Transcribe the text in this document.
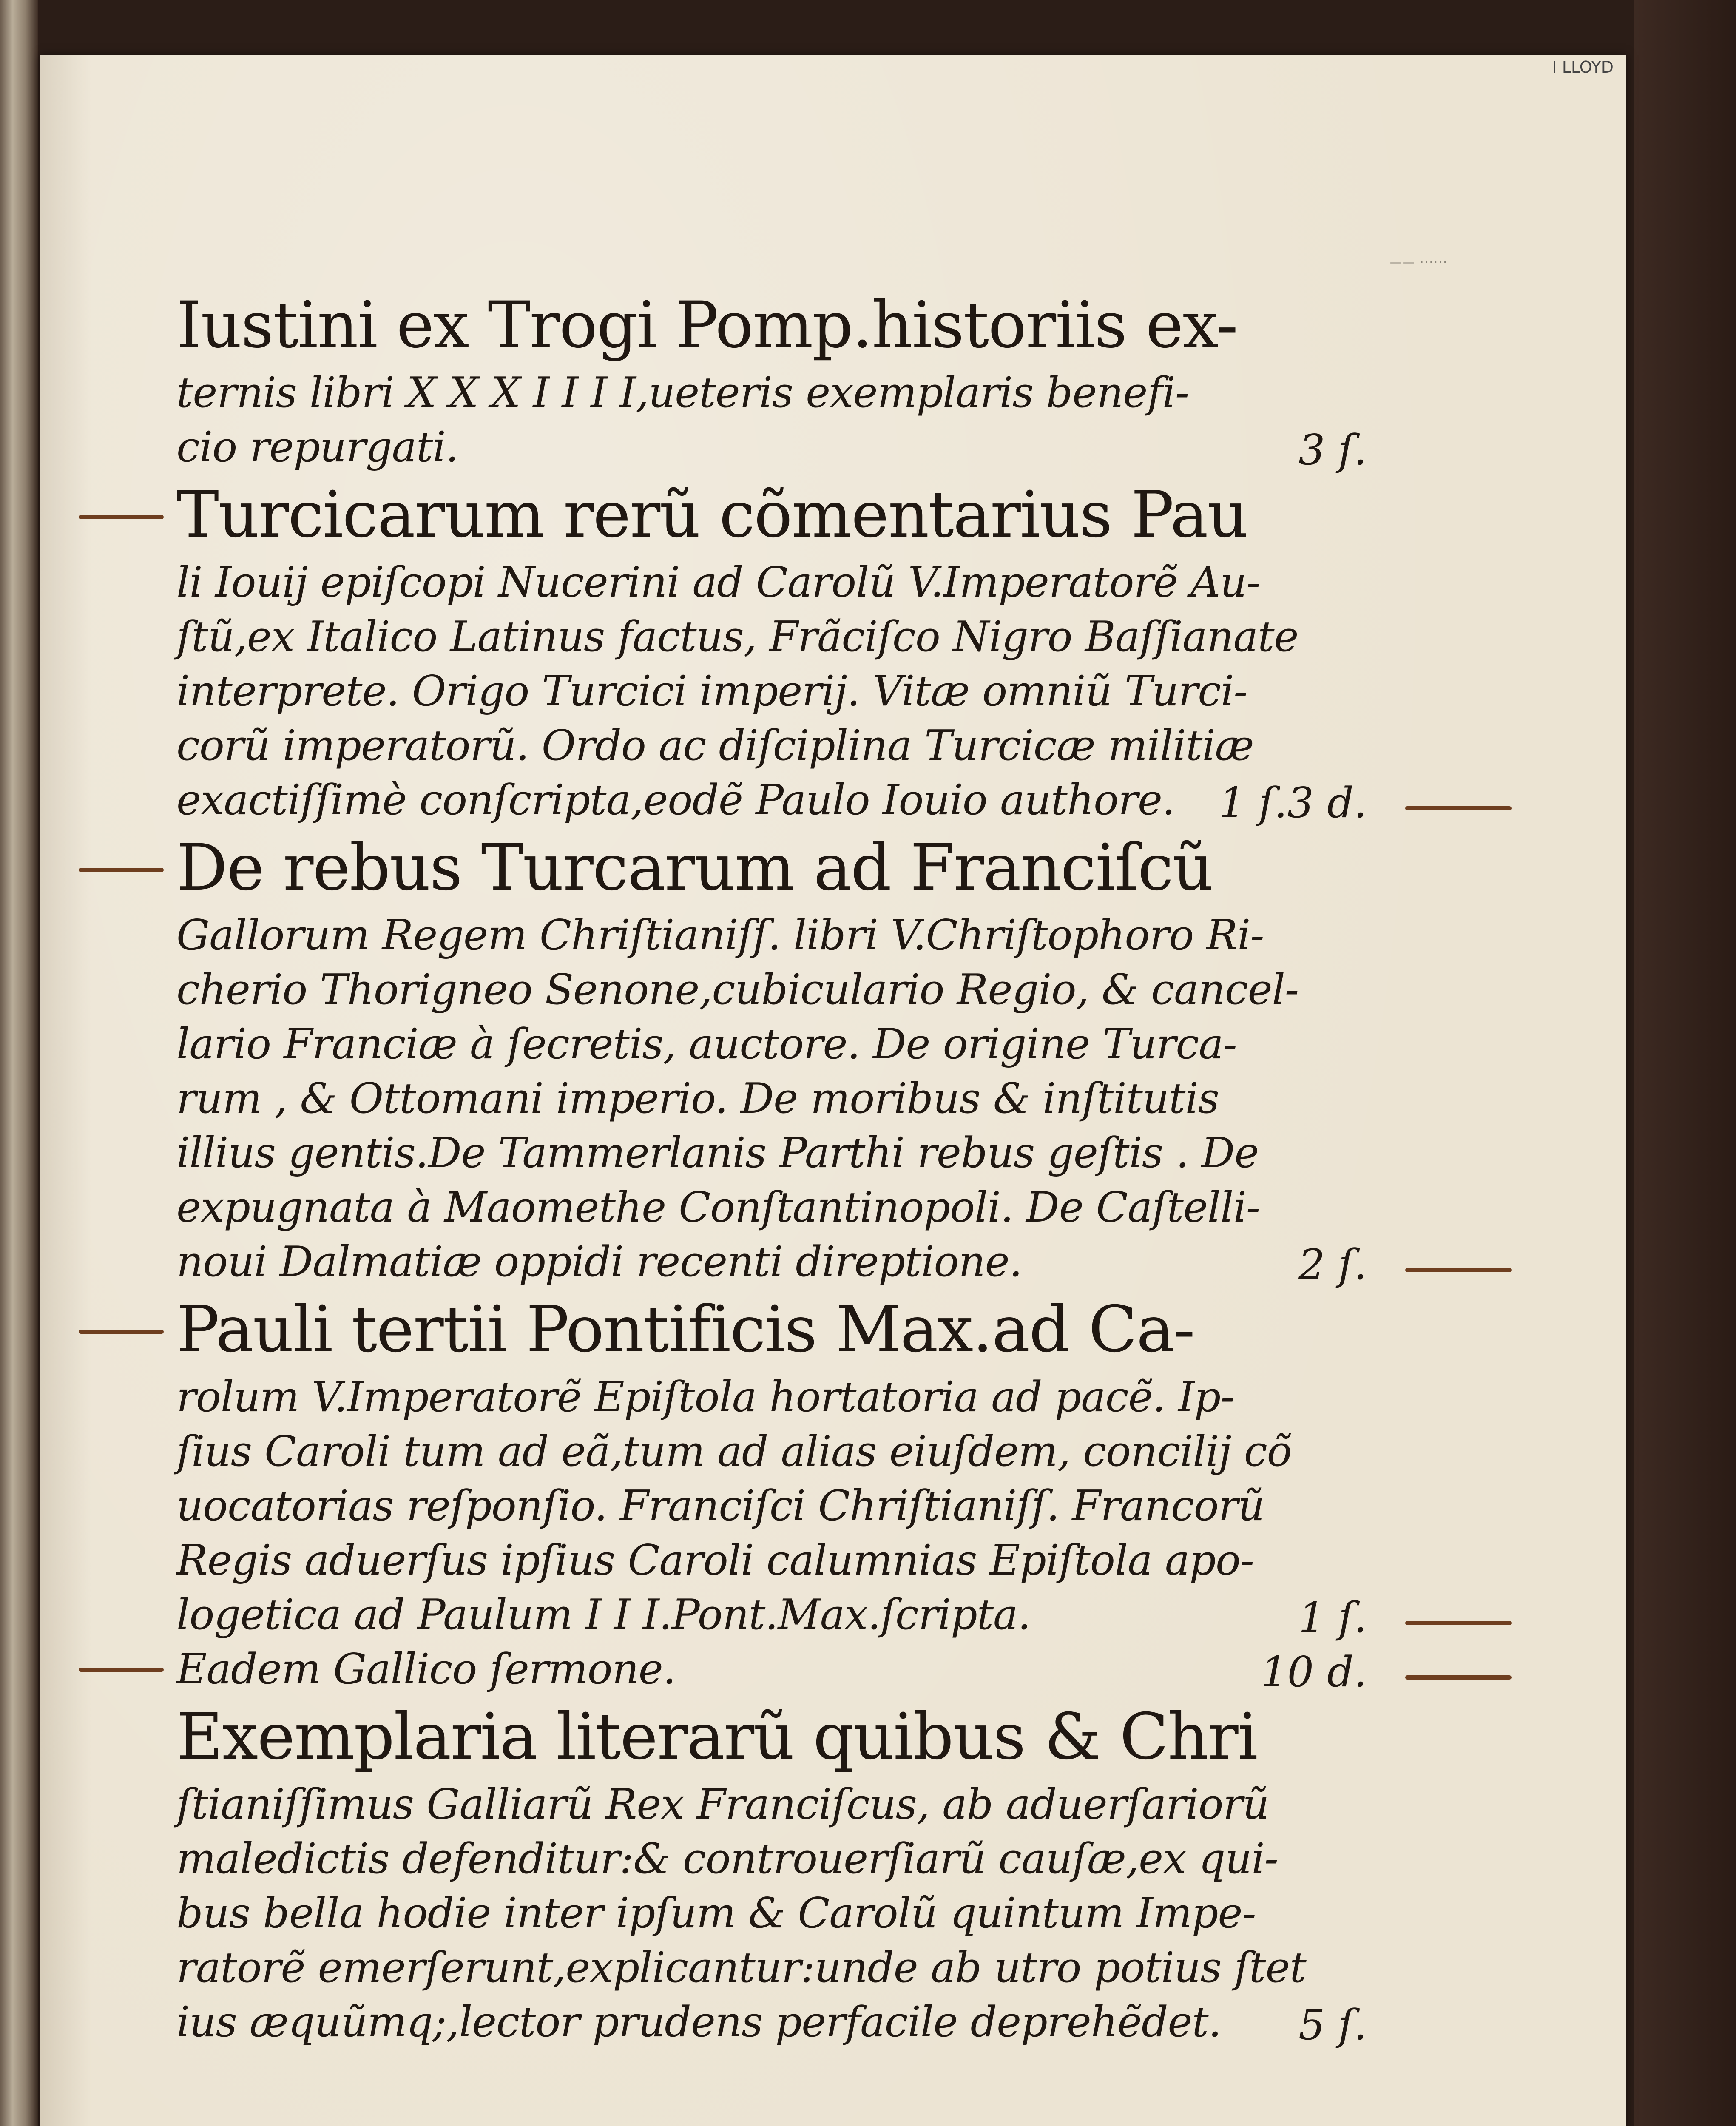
I LLOYD
—— ······
Iustini ex Trogi Pomp.historiis ex-
ternis libri X X X I I I I,ueteris exemplaris benefi-
cio repurgati.	3 ſ.
Turcicarum rerũ cõmentarius Pau
li Iouij epiſcopi Nucerini ad Carolũ V.Imperatorẽ Au-
ſtũ,ex Italico Latinus factus, Frãciſco Nigro Baſſianate
interprete. Origo Turcici imperij. Vitæ omniũ Turci-
corũ imperatorũ. Ordo ac diſciplina Turcicæ militiæ
exactiſſimè conſcripta,eodẽ Paulo Iouio authore.	1 ſ.3 d.
De rebus Turcarum ad Franciſcũ
Gallorum Regem Chriſtianiſſ. libri V.Chriſtophoro Ri-
cherio Thorigneo Senone,cubiculario Regio, & cancel-
lario Franciæ à ſecretis, auctore. De origine Turca-
rum , & Ottomani imperio. De moribus & inſtitutis
illius gentis.De Tammerlanis Parthi rebus geſtis . De
expugnata à Maomethe Conſtantinopoli. De Caſtelli-
noui Dalmatiæ oppidi recenti direptione.	2 ſ.
Pauli tertii Pontificis Max.ad Ca-
rolum V.Imperatorẽ Epiſtola hortatoria ad pacẽ. Ip-
ſius Caroli tum ad eã,tum ad alias eiuſdem, concilij cõ
uocatorias reſponſio. Franciſci Chriſtianiſſ. Francorũ
Regis aduerſus ipſius Caroli calumnias Epiſtola apo-
logetica ad Paulum I I I.Pont.Max.ſcripta.	1 ſ.
Eadem Gallico ſermone.	10 d.
Exemplaria literarũ quibus & Chri
ſtianiſſimus Galliarũ Rex Franciſcus, ab aduerſariorũ
maledictis defenditur:& controuerſiarũ cauſæ,ex qui-
bus bella hodie inter ipſum & Carolũ quintum Impe-
ratorẽ emerſerunt,explicantur:unde ab utro potius ſtet
ius æquũmq;,lector prudens perfacile deprehẽdet.	5 ſ.
